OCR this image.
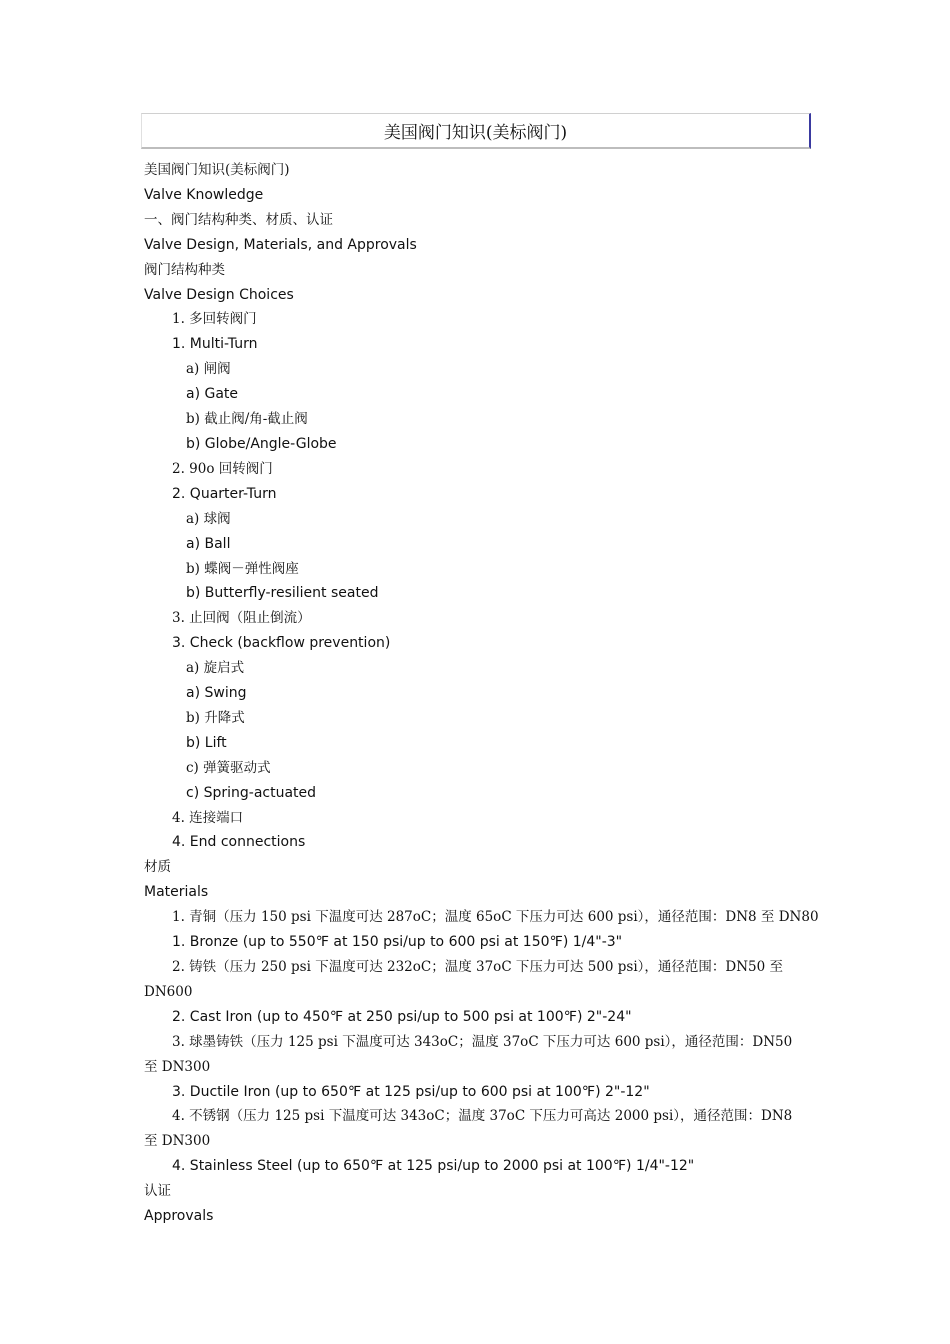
美国阀门知识(美标阀门)
美国阀门知识(美标阀门)
Valve Knowledge
一、阀门结构种类、材质、认证
Valve Design, Materials, and Approvals
阀门结构种类
Valve Design Choices
1. 多回转阀门
1. Multi-Turn
a) 闸阀
a) Gate
b) 截止阀/角-截止阀
b) Globe/Angle-Globe
2. 90o 回转阀门
2. Quarter-Turn
a) 球阀
a) Ball
b) 蝶阀－弹性阀座
b) Butterfly-resilient seated
3. 止回阀（阻止倒流）
3. Check (backflow prevention)
a) 旋启式
a) Swing
b) 升降式
b) Lift
c) 弹簧驱动式
c) Spring-actuated
4. 连接端口
4. End connections
材质
Materials
1. 青铜（压力 150 psi 下温度可达 287oC；温度 65oC 下压力可达 600 psi），通径范围：DN8 至 DN80
1. Bronze (up to 550℉ at 150 psi/up to 600 psi at 150℉) 1/4"-3"
2. 铸铁（压力 250 psi 下温度可达 232oC；温度 37oC 下压力可达 500 psi），通径范围：DN50 至 DN600
2. Cast Iron (up to 450℉ at 250 psi/up to 500 psi at 100℉) 2"-24"
3. 球墨铸铁（压力 125 psi 下温度可达 343oC；温度 37oC 下压力可达 600 psi），通径范围：DN50 至 DN300
3. Ductile Iron (up to 650℉ at 125 psi/up to 600 psi at 100℉) 2"-12"
4. 不锈钢（压力 125 psi 下温度可达 343oC；温度 37oC 下压力可高达 2000 psi），通径范围：DN8 至 DN300
4. Stainless Steel (up to 650℉ at 125 psi/up to 2000 psi at 100℉) 1/4"-12"
认证
Approvals
